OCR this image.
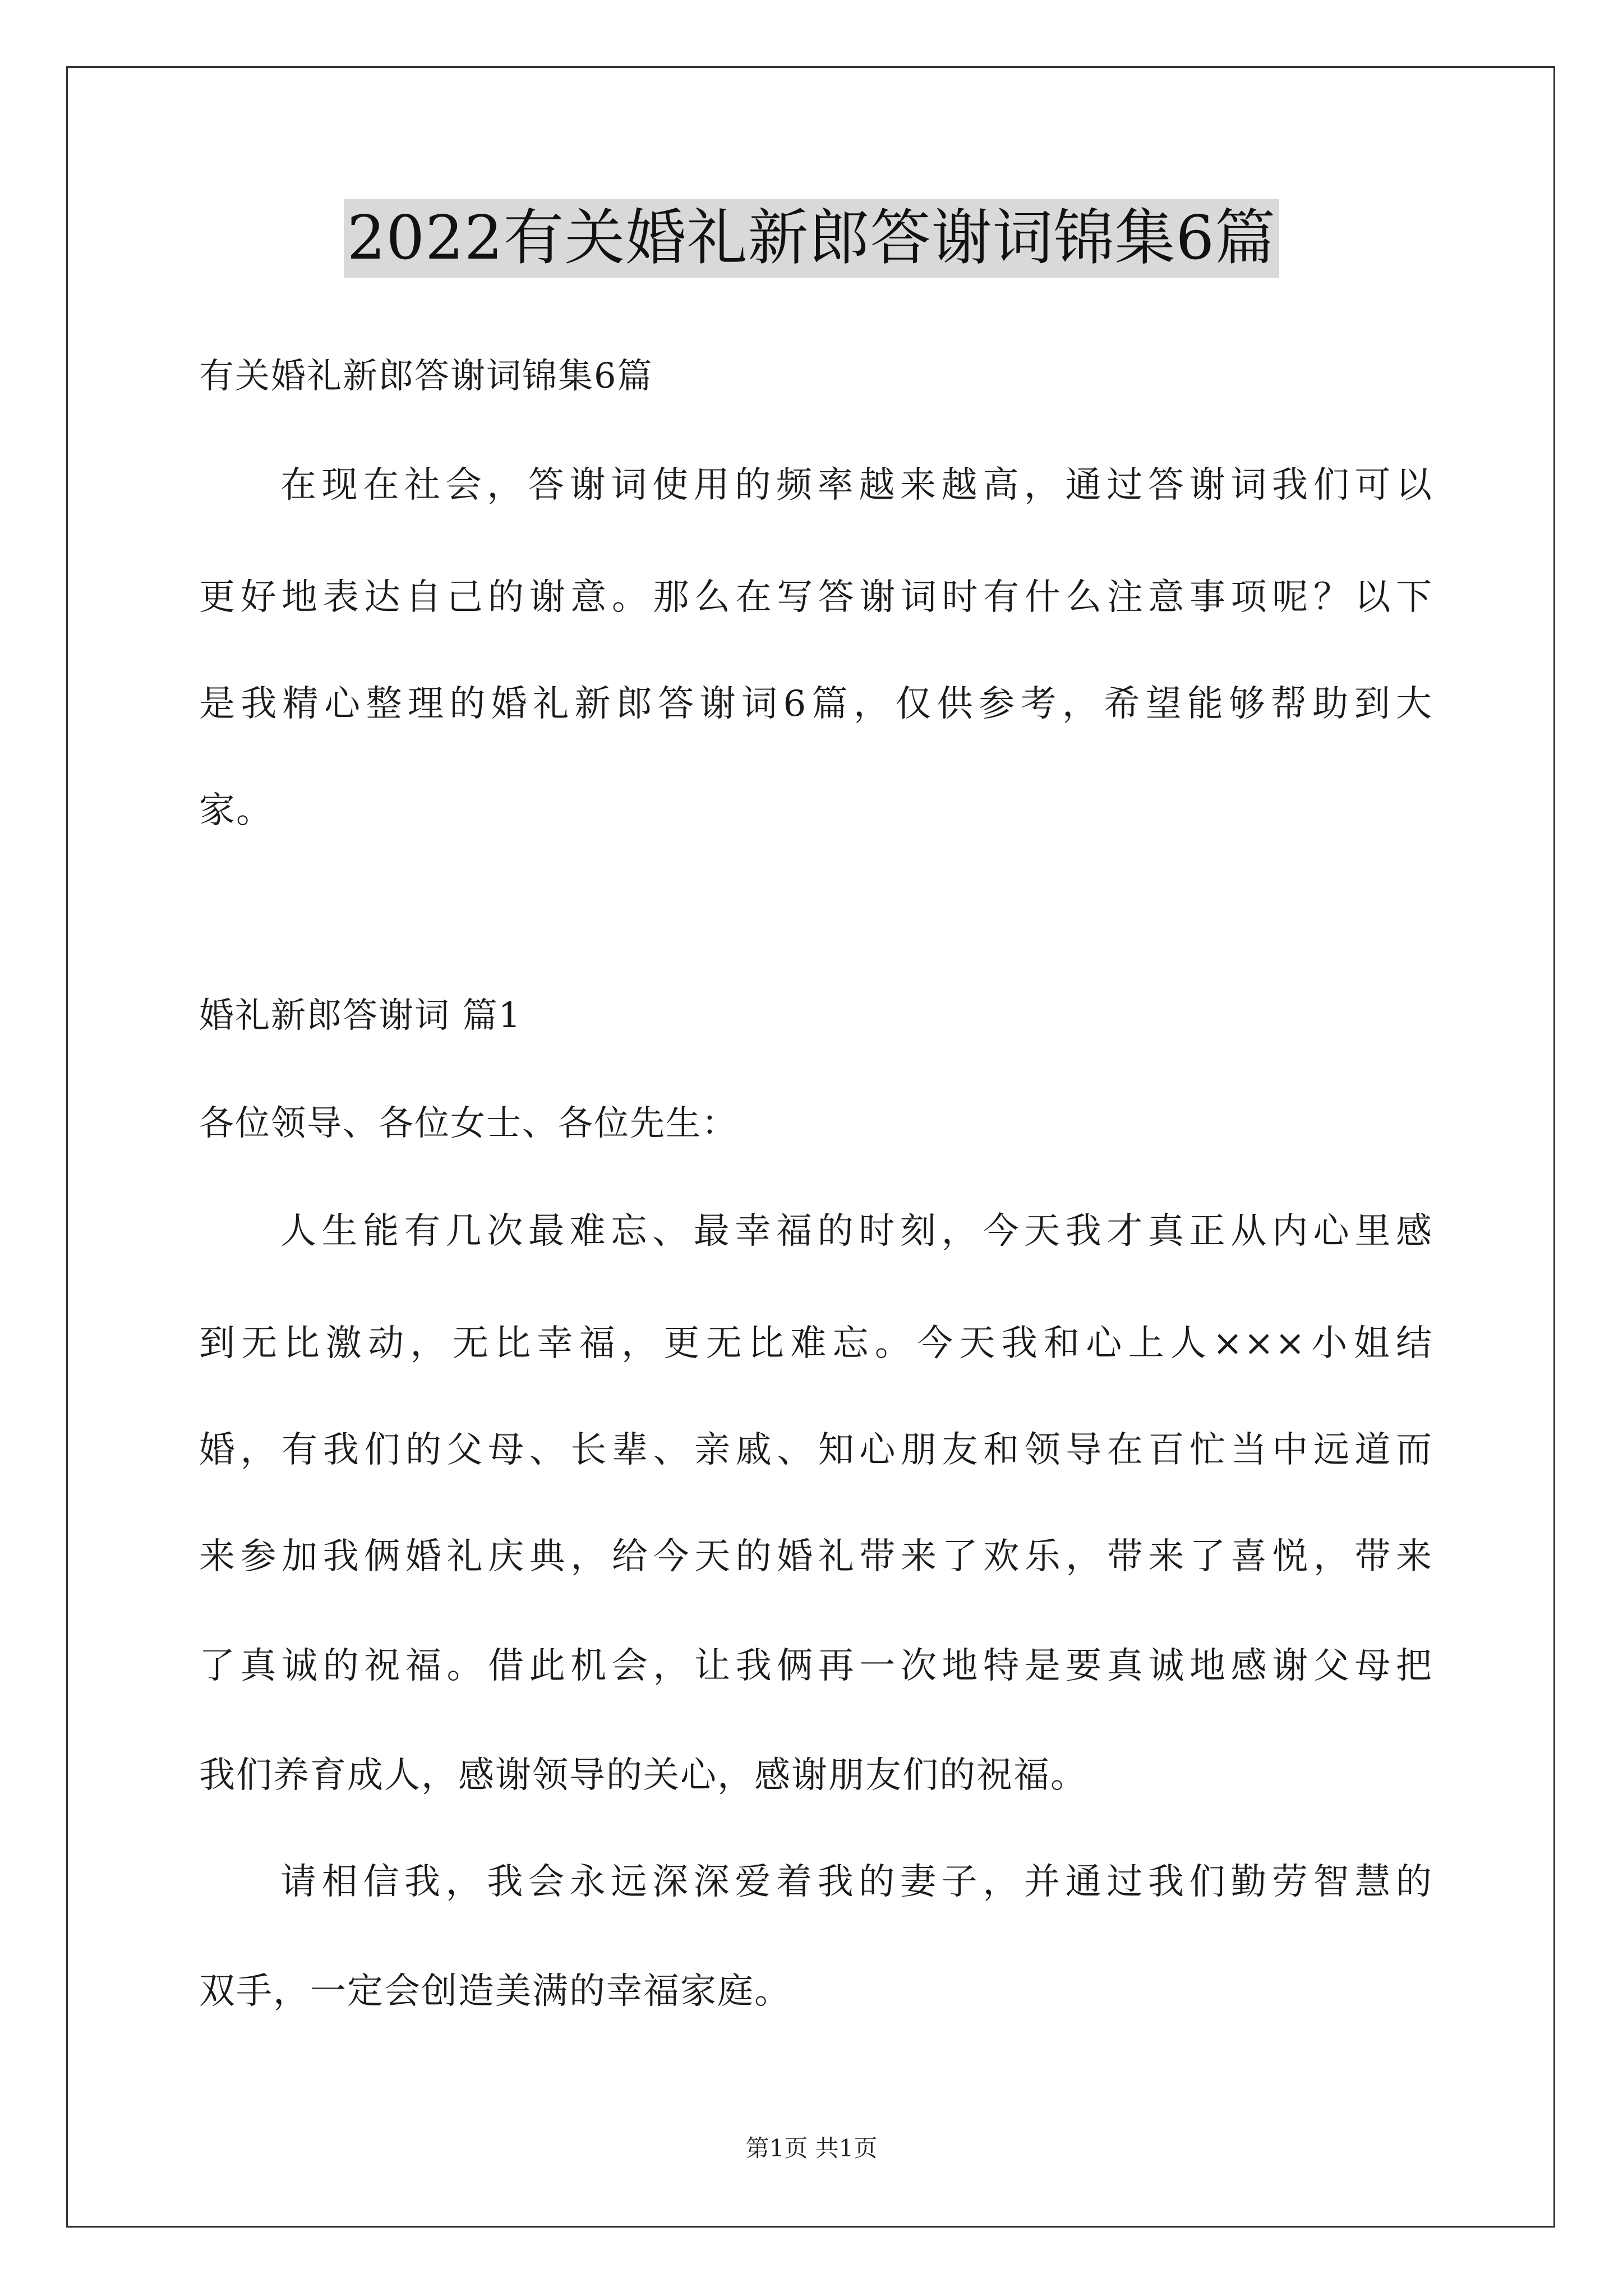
2022有关婚礼新郎答谢词锦集6篇
有关婚礼新郎答谢词锦集6篇
在现在社会，答谢词使用的频率越来越高，通过答谢词我们可以
更好地表达自己的谢意。那么在写答谢词时有什么注意事项呢？以下
是我精心整理的婚礼新郎答谢词6篇，仅供参考，希望能够帮助到大
家。
婚礼新郎答谢词 篇1
各位领导、各位女士、各位先生：
人生能有几次最难忘、最幸福的时刻，今天我才真正从内心里感
到无比激动，无比幸福，更无比难忘。今天我和心上人×××小姐结
婚，有我们的父母、长辈、亲戚、知心朋友和领导在百忙当中远道而
来参加我俩婚礼庆典，给今天的婚礼带来了欢乐，带来了喜悦，带来
了真诚的祝福。借此机会，让我俩再一次地特是要真诚地感谢父母把
我们养育成人，感谢领导的关心，感谢朋友们的祝福。
请相信我，我会永远深深爱着我的妻子，并通过我们勤劳智慧的
双手，一定会创造美满的幸福家庭。
第1页 共1页
